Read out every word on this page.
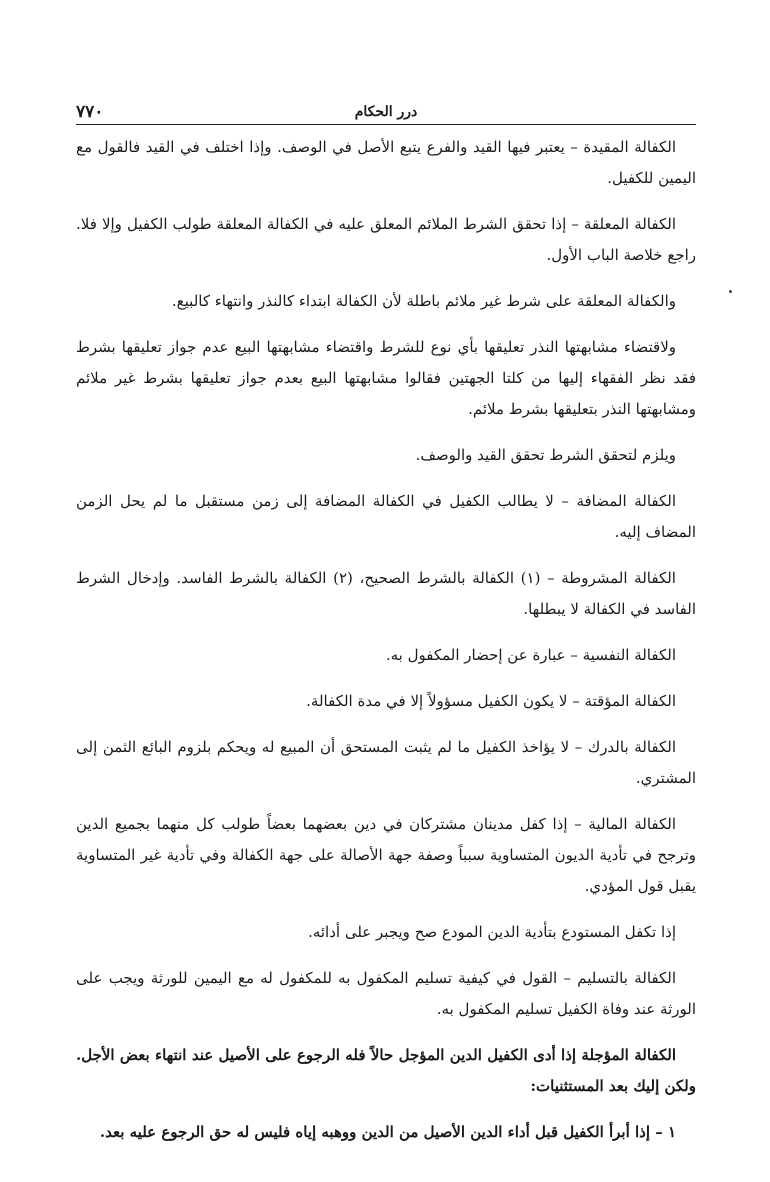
٧٧٠	درر الحكام

الكفالة المقيدة – يعتبر فيها القيد والفرع يتبع الأصل في الوصف. وإذا اختلف في القيد فالقول مع اليمين للكفيل.

الكفالة المعلقة – إذا تحقق الشرط الملائم المعلق عليه في الكفالة المعلقة طولب الكفيل وإلا فلا. راجع خلاصة الباب الأول.

والكفالة المعلقة على شرط غير ملائم باطلة لأن الكفالة ابتداء كالنذر وانتهاء كالبيع.

ولاقتضاء مشابهتها النذر تعليقها بأي نوع للشرط واقتضاء مشابهتها البيع عدم جواز تعليقها بشرط فقد نظر الفقهاء إليها من كلتا الجهتين فقالوا مشابهتها البيع بعدم جواز تعليقها بشرط غير ملائم ومشابهتها النذر بتعليقها بشرط ملائم.

ويلزم لتحقق الشرط تحقق القيد والوصف.

الكفالة المضافة – لا يطالب الكفيل في الكفالة المضافة إلى زمن مستقبل ما لم يحل الزمن المضاف إليه.

الكفالة المشروطة – (١) الكفالة بالشرط الصحيح، (٢) الكفالة بالشرط الفاسد. وإدخال الشرط الفاسد في الكفالة لا يبطلها.

الكفالة النفسية – عبارة عن إحضار المكفول به.

الكفالة المؤقتة – لا يكون الكفيل مسؤولاً إلا في مدة الكفالة.

الكفالة بالدرك – لا يؤاخذ الكفيل ما لم يثبت المستحق أن المبيع له ويحكم بلزوم البائع الثمن إلى المشتري.

الكفالة المالية – إذا كفل مدينان مشتركان في دين بعضهما بعضاً طولب كل منهما بجميع الدين وترجح في تأدية الديون المتساوية سبباً وصفة جهة الأصالة على جهة الكفالة وفي تأدية غير المتساوية يقبل قول المؤدي.

إذا تكفل المستودع بتأدية الدين المودع صح ويجبر على أدائه.

الكفالة بالتسليم – القول في كيفية تسليم المكفول به للمكفول له مع اليمين للورثة ويجب على الورثة عند وفاة الكفيل تسليم المكفول به.

الكفالة المؤجلة إذا أدى الكفيل الدين المؤجل حالاً فله الرجوع على الأصيل عند انتهاء بعض الأجل. ولكن إليك بعد المستثنيات:

١ – إذا أبرأ الكفيل قبل أداء الدين الأصيل من الدين ووهبه إياه فليس له حق الرجوع عليه بعد.
